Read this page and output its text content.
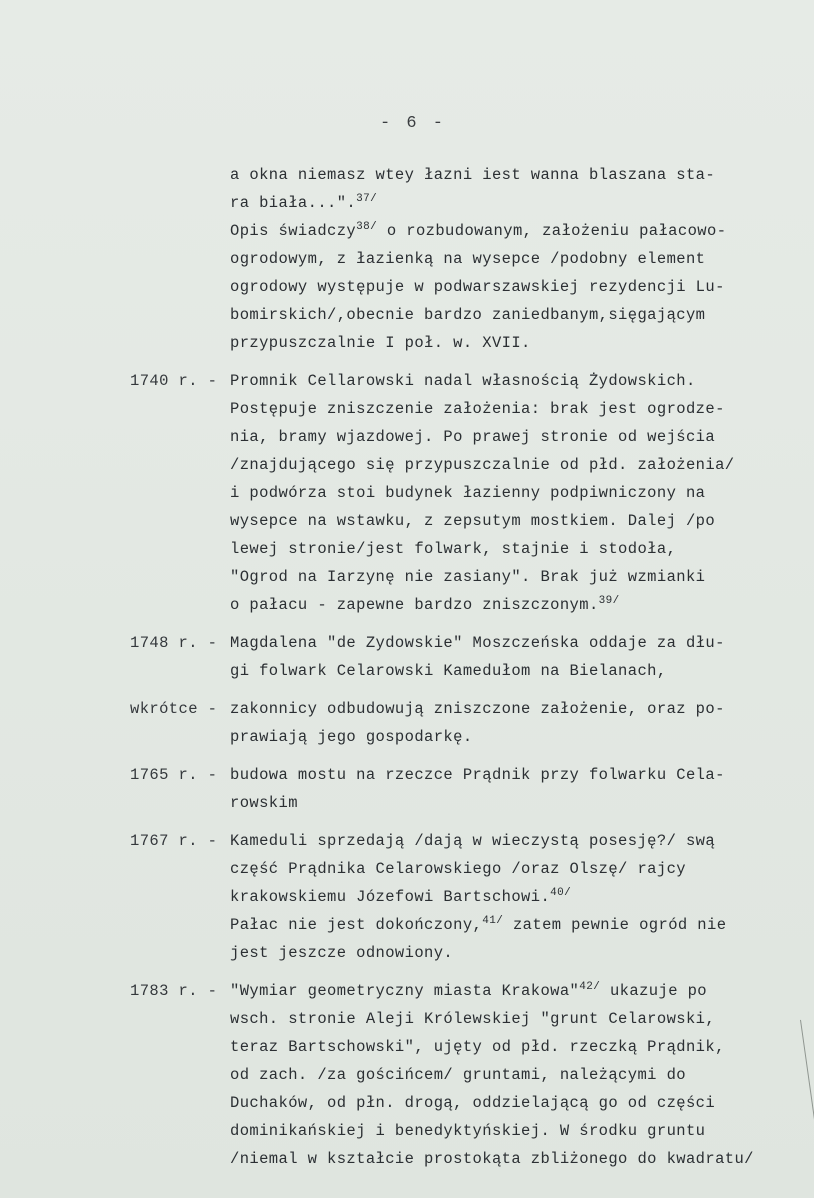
- 6 -
a okna niemasz wtey łazni iest wanna blaszana sta-
ra biała...".$^{37/}$
Opis świadczy$^{38/}$ o rozbudowanym, założeniu pałacowo-
ogrodowym, z łazienką na wysepce /podobny element
ogrodowy występuje w podwarszawskiej rezydencji Lu-
bomirskich/,obecnie bardzo zaniedbanym,sięgającym
przypuszczalnie I poł. w. XVII.
1740 r. - Promnik Cellarowski nadal własnością Żydowskich.
Postępuje zniszczenie założenia: brak jest ogrodze-
nia, bramy wjazdowej. Po prawej stronie od wejścia
/znajdującego się przypuszczalnie od płd. założenia/
i podwórza stoi budynek łazienny podpiwniczony na
wysepce na wstawku, z zepsutym mostkiem. Dalej /po
lewej stronie/jest folwark, stajnie i stodoła,
"Ogrod na Iarzynę nie zasiany". Brak już wzmianki
o pałacu - zapewne bardzo zniszczonym.$^{39/}$
1748 r. - Magdalena "de Zydowskie" Moszczeńska oddaje za dłu-
gi folwark Celarowski Kamedułom na Bielanach,
wkrótce - zakonnicy odbudowują zniszczone założenie, oraz po-
prawiają jego gospodarkę.
1765 r. - budowa mostu na rzeczce Prądnik przy folwarku Cela-
rowskim
1767 r. - Kameduli sprzedają /dają w wieczystą posesję?/ swą
część Prądnika Celarowskiego /oraz Olszę/ rajcy
krakowskiemu Józefowi Bartschowi.$^{40/}$
Pałac nie jest dokończony,$^{41/}$ zatem pewnie ogród nie
jest jeszcze odnowiony.
1783 r. - "Wymiar geometryczny miasta Krakowa"$^{42/}$ ukazuje po
wsch. stronie Aleji Królewskiej "grunt Celarowski,
teraz Bartschowski", ujęty od płd. rzeczką Prądnik,
od zach. /za gościńcem/ gruntami, należącymi do
Duchaków, od płn. drogą, oddzielającą go od części
dominikańskiej i benedyktyńskiej. W środku gruntu
/niemal w kształcie prostokąta zbliżonego do kwadratu/
